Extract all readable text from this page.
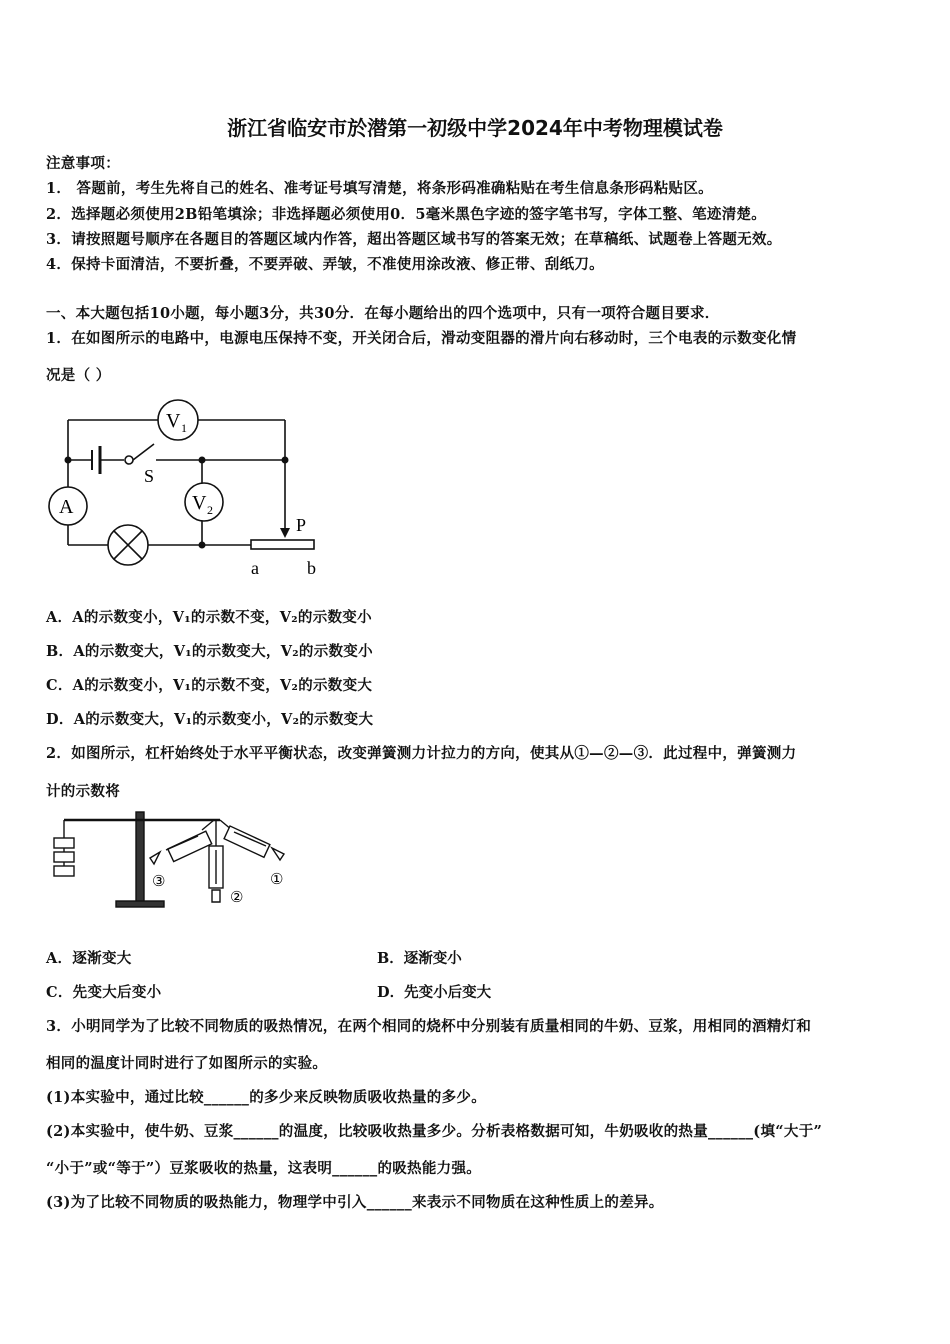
浙江省临安市於潜第一初级中学2024年中考物理模试卷
注意事项：
1． 答题前，考生先将自己的姓名、准考证号填写清楚，将条形码准确粘贴在考生信息条形码粘贴区。
2．选择题必须使用2B铅笔填涂；非选择题必须使用0．5毫米黑色字迹的签字笔书写，字体工整、笔迹清楚。
3．请按照题号顺序在各题目的答题区域内作答，超出答题区域书写的答案无效；在草稿纸、试题卷上答题无效。
4．保持卡面清洁，不要折叠，不要弄破、弄皱，不准使用涂改液、修正带、刮纸刀。
一、本大题包括10小题，每小题3分，共30分．在每小题给出的四个选项中，只有一项符合题目要求．
1．在如图所示的电路中，电源电压保持不变，开关闭合后，滑动变阻器的滑片向右移动时，三个电表的示数变化情
况是（ ）
V 1
V 2
A
S
P
a	b
A．A的示数变小，V₁的示数不变，V₂的示数变小
B．A的示数变大，V₁的示数变大，V₂的示数变小
C．A的示数变小，V₁的示数不变，V₂的示数变大
D．A的示数变大，V₁的示数变小，V₂的示数变大
2．如图所示，杠杆始终处于水平平衡状态，改变弹簧测力计拉力的方向，使其从①—②—③．此过程中，弹簧测力
计的示数将
③
②
①
A．逐渐变大	B．逐渐变小
C．先变大后变小	D．先变小后变大
3．小明同学为了比较不同物质的吸热情况，在两个相同的烧杯中分别装有质量相同的牛奶、豆浆，用相同的酒精灯和
相同的温度计同时进行了如图所示的实验。
(1)本实验中，通过比较______的多少来反映物质吸收热量的多少。
(2)本实验中，使牛奶、豆浆______的温度，比较吸收热量多少。分析表格数据可知，牛奶吸收的热量______(填“大于”
“小于”或“等于”）豆浆吸收的热量，这表明______的吸热能力强。
(3)为了比较不同物质的吸热能力，物理学中引入______来表示不同物质在这种性质上的差异。
